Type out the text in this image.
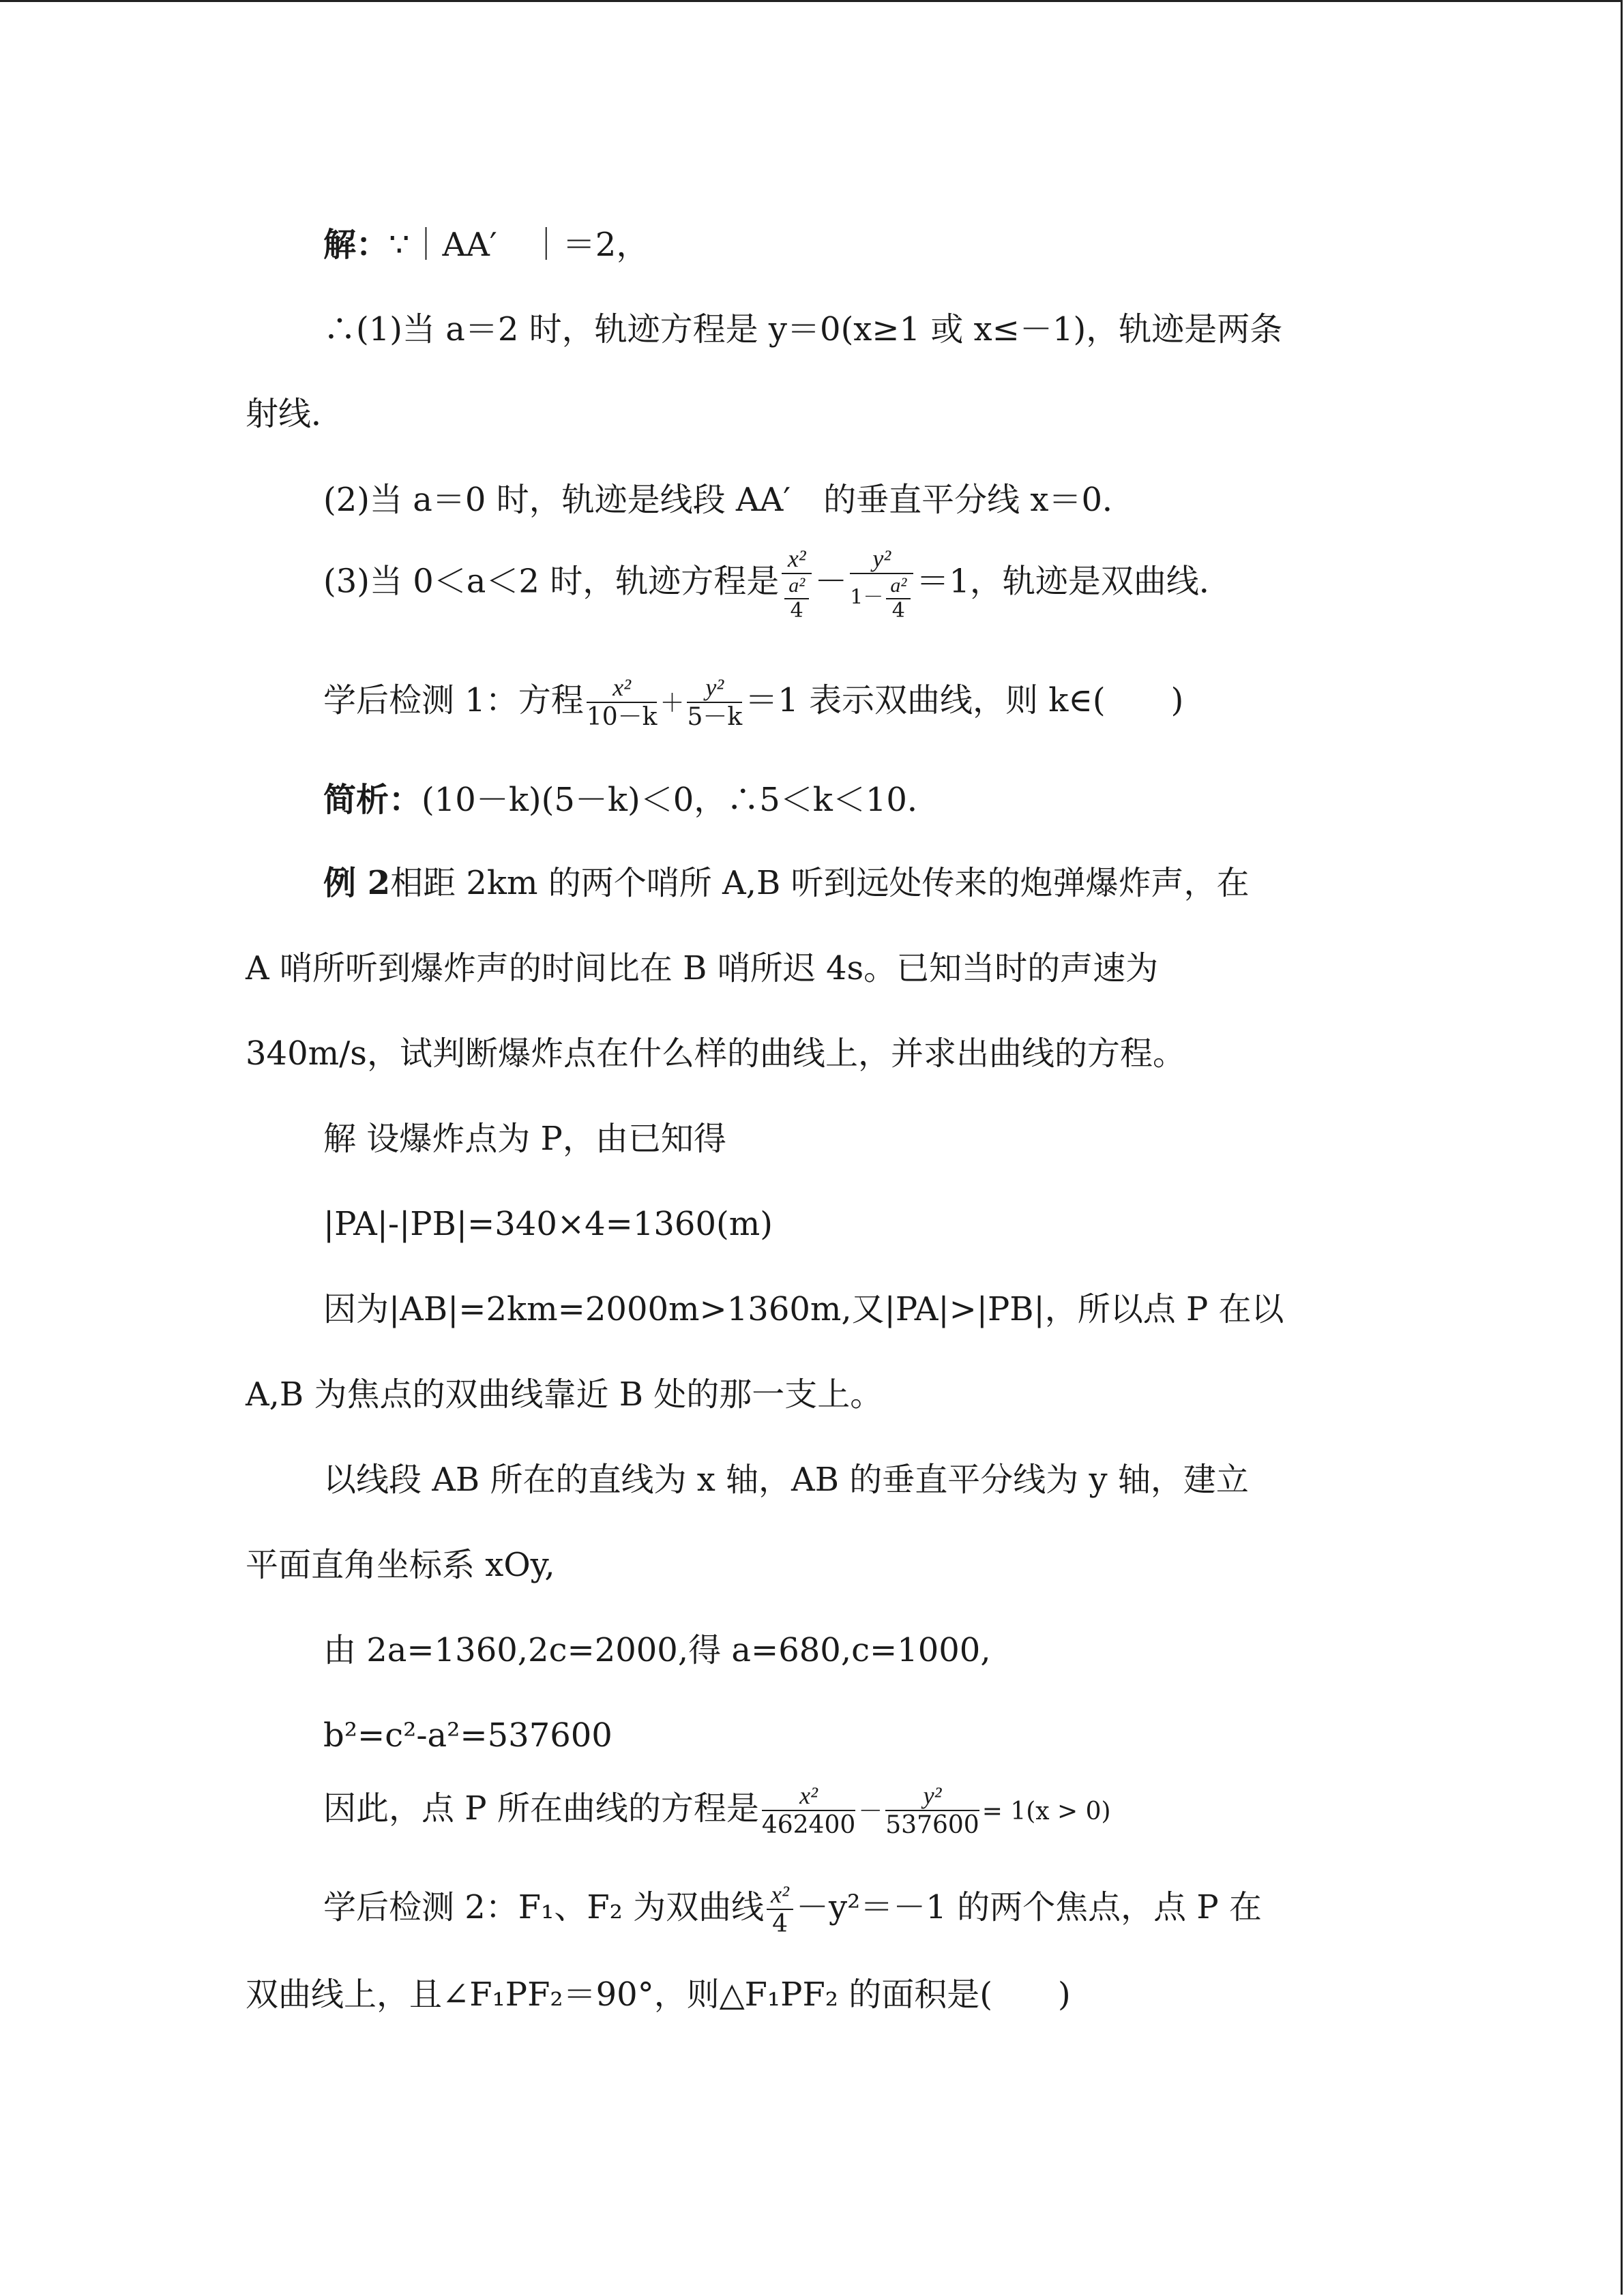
解：∵｜AA′　｜＝2，
∴(1)当 a＝2 时，轨迹方程是 y＝0(x≥1 或 x≤－1)，轨迹是两条
射线．
(2)当 a＝0 时，轨迹是线段 AA′　的垂直平分线 x＝0．
(3)当 0＜a＜2 时，轨迹方程是 $\frac{\text{x²}}{\frac{\text{a²}}{4}} - \frac{\text{y²}}{1- \frac{\text{a²}}{4}} =1$，轨迹是双曲线．
学后检测 1：方程 $\frac{\text{x²}}{10-k} + \frac{\text{y²}}{5-k} =1$ 表示双曲线，则 k∈(　　)
简析：(10－k)(5－k)＜0，∴5＜k＜10．
例 2相距 2km 的两个哨所 A,B 听到远处传来的炮弹爆炸声，在
A 哨所听到爆炸声的时间比在 B 哨所迟 4s。已知当时的声速为
340m/s，试判断爆炸点在什么样的曲线上，并求出曲线的方程。
解 设爆炸点为 P，由已知得
|PA|-|PB|=340×4=1360(m)
因为|AB|=2km=2000m>1360m,又|PA|>|PB|，所以点 P 在以
A,B 为焦点的双曲线靠近 B 处的那一支上。
以线段 AB 所在的直线为 x 轴，AB 的垂直平分线为 y 轴，建立
平面直角坐标系 xOy,
由 2a=1360,2c=2000,得 a=680,c=1000,
b²=c²-a²=537600
因此，点 P 所在曲线的方程是 $\frac{\text{x²}}{462400} - \frac{\text{y²}}{537600} = 1(x > 0)$
学后检测 2：F₁、F₂ 为双曲线 $\frac{\text{x²}}{4} -y^2=-1$ 的两个焦点，点 P 在
双曲线上，且∠F₁PF₂＝90°，则△F₁PF₂ 的面积是(　　)
